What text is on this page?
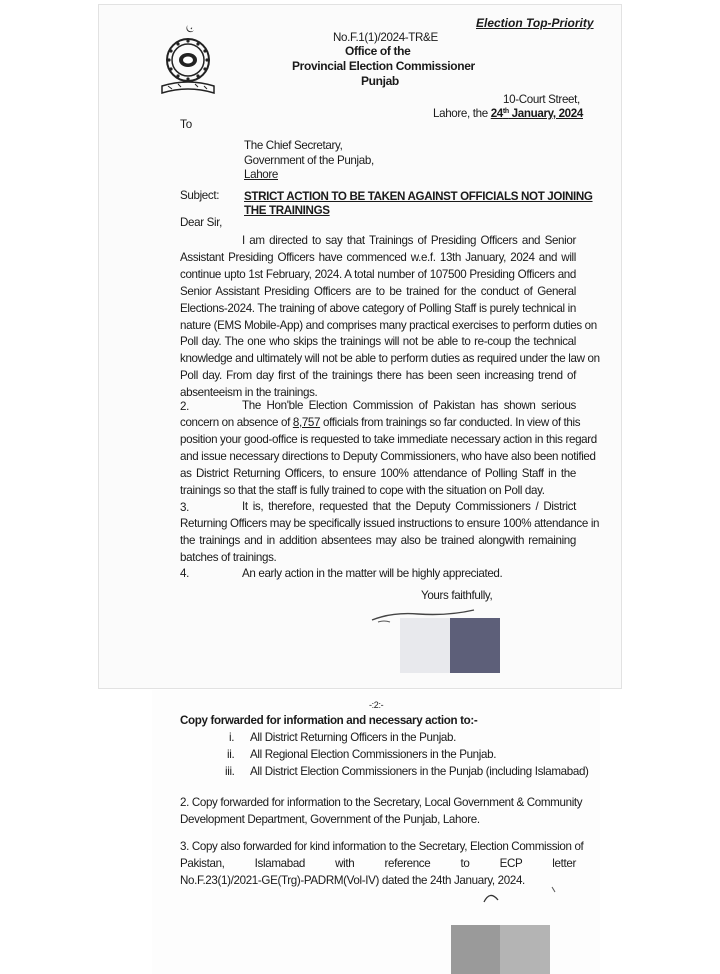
Election Top-Priority
No.F.1(1)/2024-TR&E
Office of the
Provincial Election Commissioner
Punjab
10-Court Street,
Lahore, the 24th January, 2024
To
The Chief Secretary,
Government of the Punjab,
Lahore
Subject: STRICT ACTION TO BE TAKEN AGAINST OFFICIALS NOT JOINING
THE TRAININGS
Dear Sir,
I am directed to say that Trainings of Presiding Officers and Senior
Assistant Presiding Officers have commenced w.e.f. 13th January, 2024 and will
continue upto 1st February, 2024. A total number of 107500 Presiding Officers and
Senior Assistant Presiding Officers are to be trained for the conduct of General
Elections-2024. The training of above category of Polling Staff is purely technical in
nature (EMS Mobile-App) and comprises many practical exercises to perform duties on
Poll day. The one who skips the trainings will not be able to re-coup the technical
knowledge and ultimately will not be able to perform duties as required under the law on
Poll day. From day first of the trainings there has been seen increasing trend of
absenteeism in the trainings.
2.	The Hon'ble Election Commission of Pakistan has shown serious
concern on absence of 8,757 officials from trainings so far conducted. In view of this
position your good-office is requested to take immediate necessary action in this regard
and issue necessary directions to Deputy Commissioners, who have also been notified
as District Returning Officers, to ensure 100% attendance of Polling Staff in the
trainings so that the staff is fully trained to cope with the situation on Poll day.
3.	It is, therefore, requested that the Deputy Commissioners / District
Returning Officers may be specifically issued instructions to ensure 100% attendance in
the trainings and in addition absentees may also be trained alongwith remaining
batches of trainings.
4.	An early action in the matter will be highly appreciated.
Yours faithfully,
-:2:-
Copy forwarded for information and necessary action to:-
i. All District Returning Officers in the Punjab.
ii. All Regional Election Commissioners in the Punjab.
iii. All District Election Commissioners in the Punjab (including Islamabad)
2. Copy forwarded for information to the Secretary, Local Government & Community
Development Department, Government of the Punjab, Lahore.
3. Copy also forwarded for kind information to the Secretary, Election Commission of
Pakistan, Islamabad with reference to ECP letter
No.F.23(1)/2021-GE(Trg)-PADRM(Vol-IV) dated the 24th January, 2024.
